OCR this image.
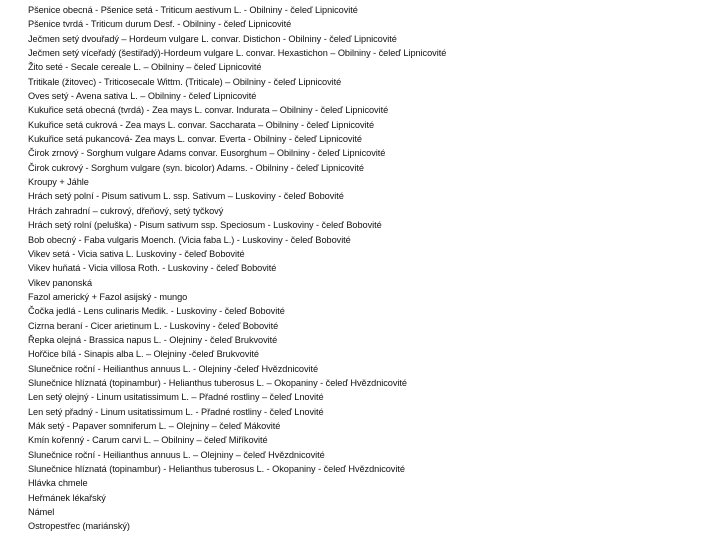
Pšenice obecná - Pšenice setá - Triticum aestivum L. - Obilniny - čeleď Lipnicovité
Pšenice tvrdá - Triticum durum Desf. - Obilniny - čeleď Lipnicovité
Ječmen setý dvouřadý – Hordeum vulgare L. convar. Distichon - Obilniny - čeleď Lipnicovité
Ječmen setý víceřadý (šestiřadý)-Hordeum vulgare L. convar. Hexastichon – Obilniny - čeleď Lipnicovité
Žito seté - Secale cereale L. – Obilniny – čeleď Lipnicovité
Tritikale (žitovec) - Triticosecale Wittm. (Triticale) – Obilniny - čeleď Lipnicovité
Oves setý - Avena sativa L. – Obilniny - čeleď Lipnicovité
Kukuřice setá obecná (tvrdá) - Zea mays L. convar. Indurata – Obilniny - čeleď Lipnicovité
Kukuřice setá cukrová - Zea mays L. convar. Saccharata – Obilniny - čeleď Lipnicovité
Kukuřice setá pukancová- Zea mays L. convar. Everta - Obilniny - čeleď Lipnicovité
Čirok zrnový - Sorghum vulgare Adams convar. Eusorghum – Obilniny - čeleď Lipnicovité
Čirok cukrový - Sorghum vulgare (syn. bicolor) Adams. - Obilniny - čeleď Lipnicovité
Kroupy + Jáhle
Hrách setý polní - Pisum sativum L. ssp. Sativum – Luskoviny - čeleď Bobovité
Hrách zahradní – cukrový, dřeňový, setý tyčkový
Hrách setý rolní (peluška) - Pisum sativum ssp. Speciosum - Luskoviny - čeleď Bobovité
Bob obecný - Faba vulgaris Moench. (Vicia faba L.) - Luskoviny - čeleď Bobovité
Vikev setá - Vicia sativa L. Luskoviny - čeleď Bobovité
Vikev huňatá - Vicia villosa Roth. - Luskoviny - čeleď Bobovité
Vikev panonská
Fazol americký + Fazol asijský - mungo
Čočka jedlá - Lens culinaris Medik. - Luskoviny - čeleď Bobovité
Cizrna beraní - Cicer arietinum L. - Luskoviny - čeleď Bobovité
Řepka olejná - Brassica napus L. - Olejniny - čeleď Brukvovité
Hořčice bílá - Sinapis alba L. – Olejniny -čeleď Brukvovité
Slunečnice roční - Heilianthus annuus L. - Olejniny -čeleď Hvězdnicovité
Slunečnice hlíznatá (topinambur) - Helianthus tuberosus L. – Okopaniny - čeleď Hvězdnicovité
Len setý olejný - Linum usitatissimum L. – Přadné rostliny – čeleď Lnovité
Len setý přadný - Linum usitatissimum L. - Přadné rostliny - čeleď Lnovité
Mák setý - Papaver somniferum L. – Olejniny – čeleď Mákovité
Kmín kořenný - Carum carvi L. – Obilniny – čeleď Miříkovité
Slunečnice roční - Heilianthus annuus L. – Olejniny – čeleď Hvězdnicovité
Slunečnice hlíznatá (topinambur) - Helianthus tuberosus L. - Okopaniny - čeleď Hvězdnicovité
Hlávka chmele
Heřmánek lékařský
Námel
Ostropestřec (mariánský)
